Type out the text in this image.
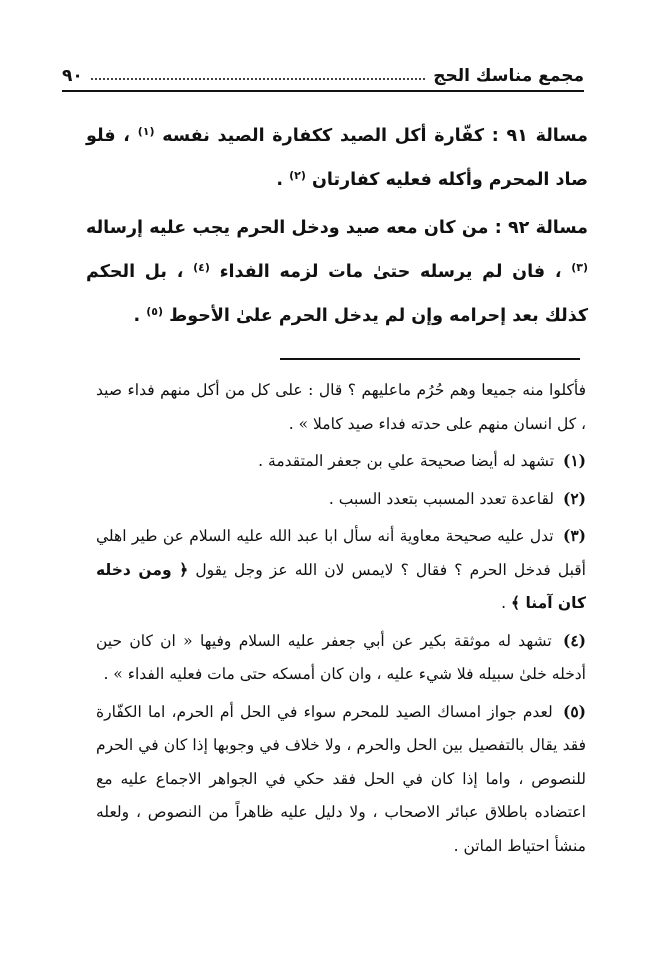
٩٠	مجمع مناسك الحج

مسالة ٩١ : كفّارة أكل الصيد ككفارة الصيد نفسه $^{(١)}$ ، فلو صاد المحرم وأكله فعليه كفارتان $^{(٢)}$ .

مسالة ٩٢ : من كان معه صيد ودخل الحرم يجب عليه إرساله $^{(٣)}$ ، فان لم يرسله حتىٰ مات لزمه الفداء $^{(٤)}$ ، بل الحكم كذلك بعد إحرامه وإن لم يدخل الحرم علىٰ الأحوط $^{(٥)}$ .

فأكلوا منه جميعا وهم حُرُم ماعليهم ؟ قال : على كل من أكل منهم فداء صيد ، كل انسان منهم على حدته فداء صيد كاملا » .

(١) تشهد له أيضا صحيحة علي بن جعفر المتقدمة .

(٢) لقاعدة تعدد المسبب بتعدد السبب .

(٣) تدل عليه صحيحة معاوية أنه سأل ابا عبد الله عليه السلام عن طير اهلي أقبل فدخل الحرم ؟ فقال ؟ لايمس لان الله عز وجل يقول ﴿ ومن دخله كان آمنا ﴾ .

(٤) تشهد له موثقة بكير عن أبي جعفر عليه السلام وفيها « ان كان حين أدخله خلىٰ سبيله فلا شيء عليه ، وان كان أمسكه حتى مات فعليه الفداء » .

(٥) لعدم جواز امساك الصيد للمحرم سواء في الحل أم الحرم، اما الكفّارة فقد يقال بالتفصيل بين الحل والحرم ، ولا خلاف في وجوبها إذا كان في الحرم للنصوص ، واما إذا كان في الحل فقد حكي في الجواهر الاجماع عليه مع اعتضاده باطلاق عبائر الاصحاب ، ولا دليل عليه ظاهراً من النصوص ، ولعله منشأ احتياط الماتن .
